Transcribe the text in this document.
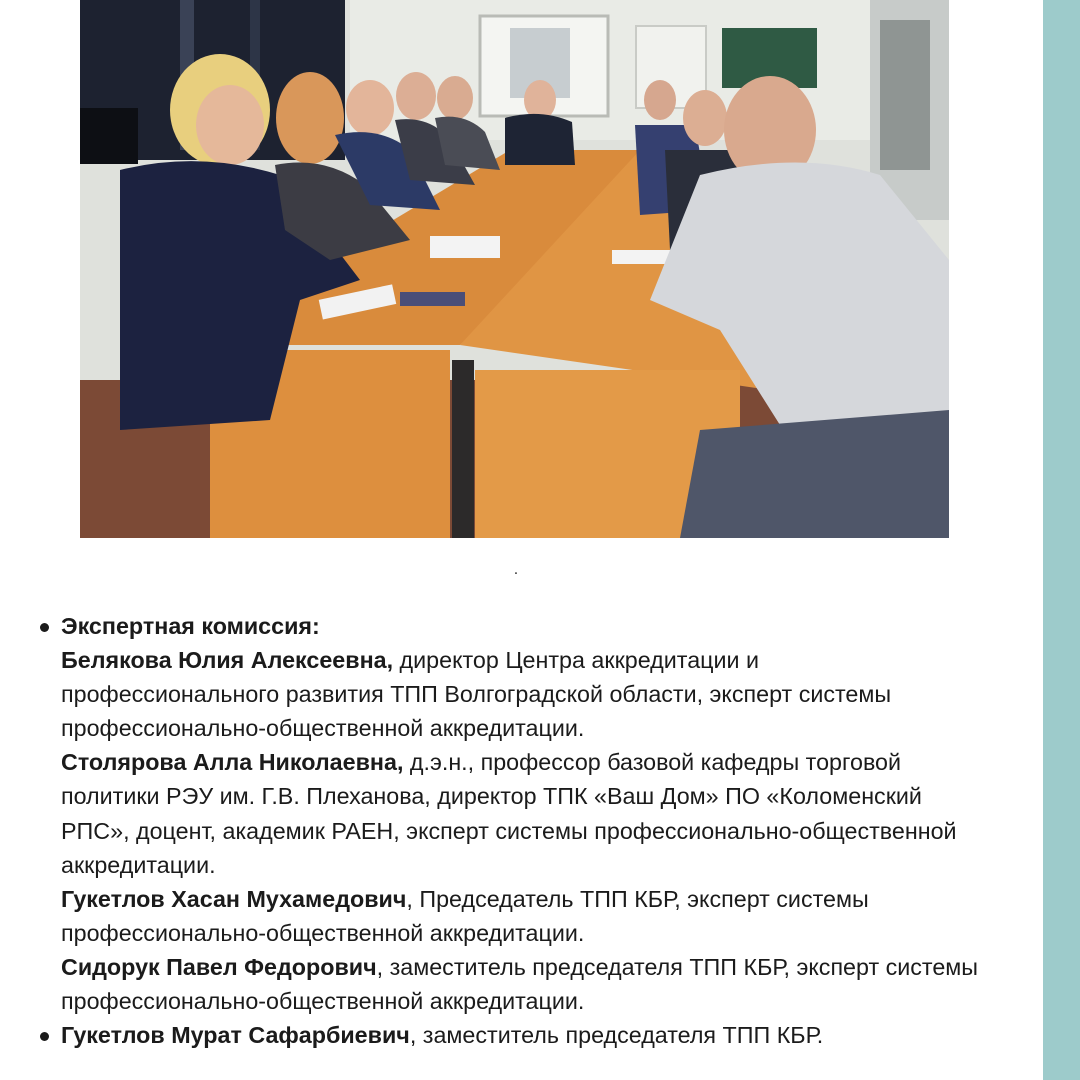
.
Экспертная комиссия:
Белякова Юлия Алексеевна, директор Центра аккредитации и
профессионального развития ТПП Волгоградской области, эксперт системы
профессионально-общественной аккредитации.
Столярова Алла Николаевна, д.э.н., профессор базовой кафедры торговой
политики РЭУ им. Г.В. Плеханова, директор ТПК «Ваш Дом» ПО «Коломенский
РПС», доцент, академик РАЕН, эксперт системы профессионально-общественной
аккредитации.
Гукетлов Хасан Мухамедович, Председатель ТПП КБР, эксперт системы
профессионально-общественной аккредитации.
Сидорук Павел Федорович, заместитель председателя ТПП КБР, эксперт системы
профессионально-общественной аккредитации.
Гукетлов Мурат Сафарбиевич, заместитель председателя ТПП КБР.
